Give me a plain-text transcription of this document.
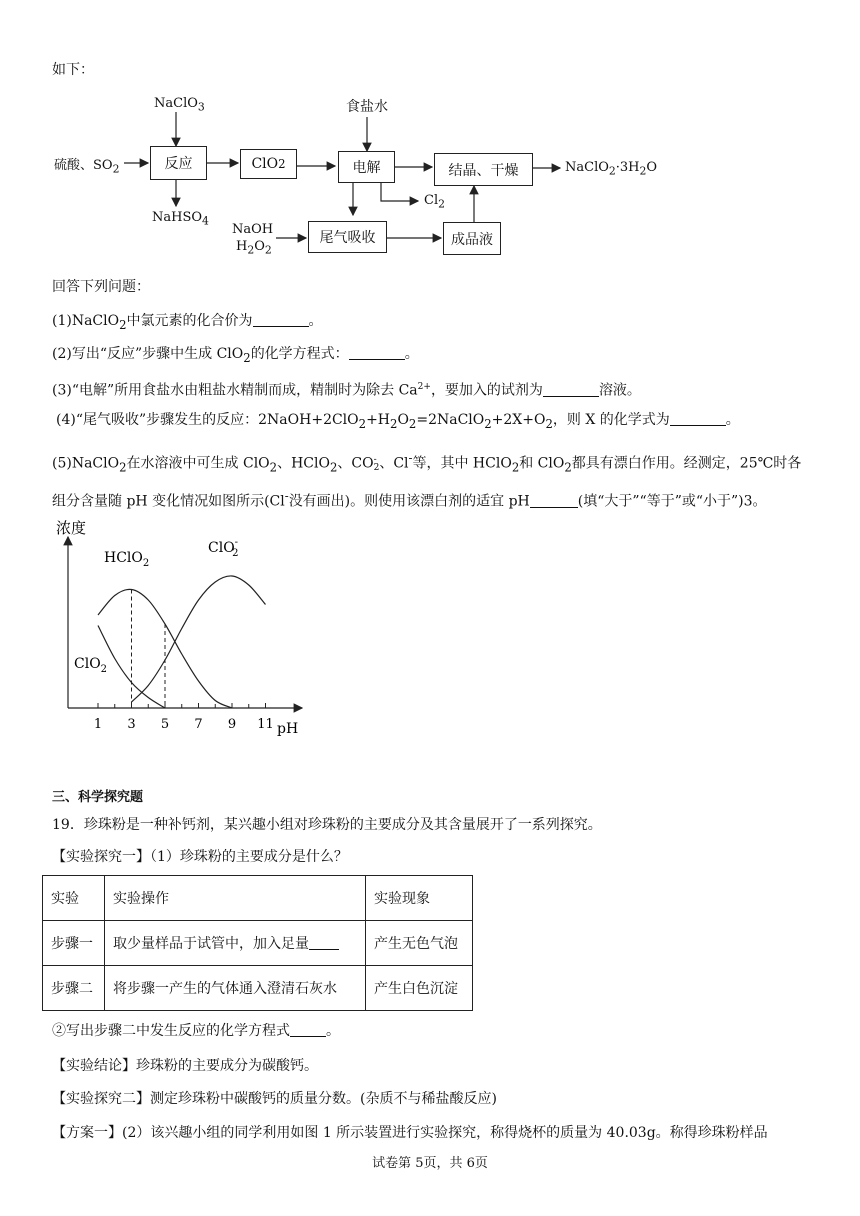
如下：
NaClO$_3$
硫酸、$SO_2$	反应	ClO 2
食盐水
电解	结晶、干燥	$NaClO_2\cdot 3H_2O$
NaHSO$_4$
$Cl_2$
NaOH
$H_2O_2$
尾气吸收	成品液
回答下列问题：
(1)NaClO$_2$中氯元素的化合价为	。
(2)写出“反应”步骤中生成 ClO$_2$的化学方程式：	。
(3)“电解”所用食盐水由粗盐水精制而成，精制时为除去 $Ca^{2+}$，要加入的试剂为	溶液。
(4)“尾气吸收”步骤发生的反应：$2NaOH+2ClO_2+H_2O_2=2NaClO_2+2X+O_2$，则 X 的化学式为	。
(5)NaClO$_2$在水溶液中可生成 ClO$_2$、HClO$_2$、CO -
2 、Cl-等，其中 HClO$_2$和 ClO$_2$都具有漂白作用。经测定，25℃时各
组分含量随 pH 变化情况如图所示(Cl-没有画出)。则使用该漂白剂的适宜 pH	(填“大于”“等于”或“小于”)3。
浓度
pH
1 3 5 7 9 11
HClO$_2$
ClO-2
ClO$_2$
三、科学探究题
19．珍珠粉是一种补钙剂，某兴趣小组对珍珠粉的主要成分及其含量展开了一系列探究。
【实验探究一】（1）珍珠粉的主要成分是什么？
实验	实验操作	实验现象
步骤一	取少量样品于试管中，加入足量	产生无色气泡
步骤二	将步骤一产生的气体通入澄清石灰水	产生白色沉淀
②写出步骤二中发生反应的化学方程式	。
【实验结论】珍珠粉的主要成分为碳酸钙。
【实验探究二】测定珍珠粉中碳酸钙的质量分数。(杂质不与稀盐酸反应)
【方案一】(2）该兴趣小组的同学利用如图 1 所示装置进行实验探究，称得烧杯的质量为 40.03g。称得珍珠粉样品
试卷第 5页，共 6页
